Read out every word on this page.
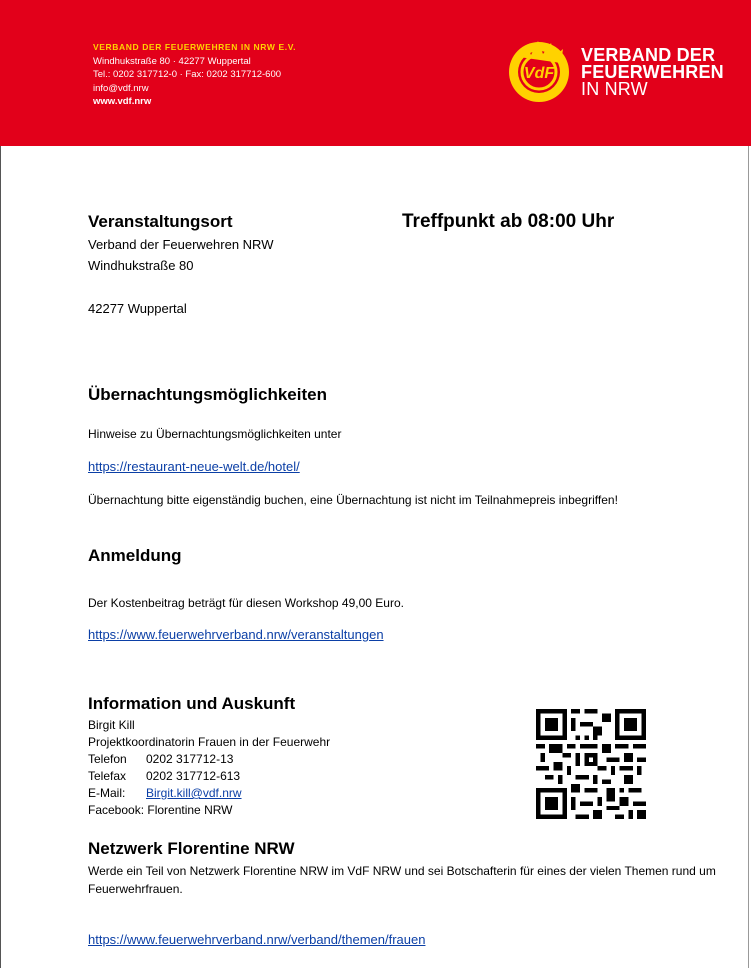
VERBAND DER FEUERWEHREN IN NRW E.V.
Windhukstraße 80 · 42277 Wuppertal
Tel.: 0202 317712-0 · Fax: 0202 317712-600
info@vdf.nrw
www.vdf.nrw
VdF
VERBAND DER
FEUERWEHREN
IN NRW
Veranstaltungsort	Treffpunkt ab 08:00 Uhr
Verband der Feuerwehren NRW
Windhukstraße 80
42277 Wuppertal
Übernachtungsmöglichkeiten
Hinweise zu Übernachtungsmöglichkeiten unter
https://restaurant-neue-welt.de/hotel/
Übernachtung bitte eigenständig buchen, eine Übernachtung ist nicht im Teilnahmepreis inbegriffen!
Anmeldung
Der Kostenbeitrag beträgt für diesen Workshop 49,00 Euro.
https://www.feuerwehrverband.nrw/veranstaltungen
Information und Auskunft
Birgit Kill
Projektkoordinatorin Frauen in der Feuerwehr
Telefon 0202 317712-13
Telefax 0202 317712-613
E-Mail: Birgit.kill@vdf.nrw
Facebook: Florentine NRW
Netzwerk Florentine NRW
Werde ein Teil von Netzwerk Florentine NRW im VdF NRW und sei Botschafterin für eines der vielen Themen rund um Feuerwehrfrauen.
https://www.feuerwehrverband.nrw/verband/themen/frauen
